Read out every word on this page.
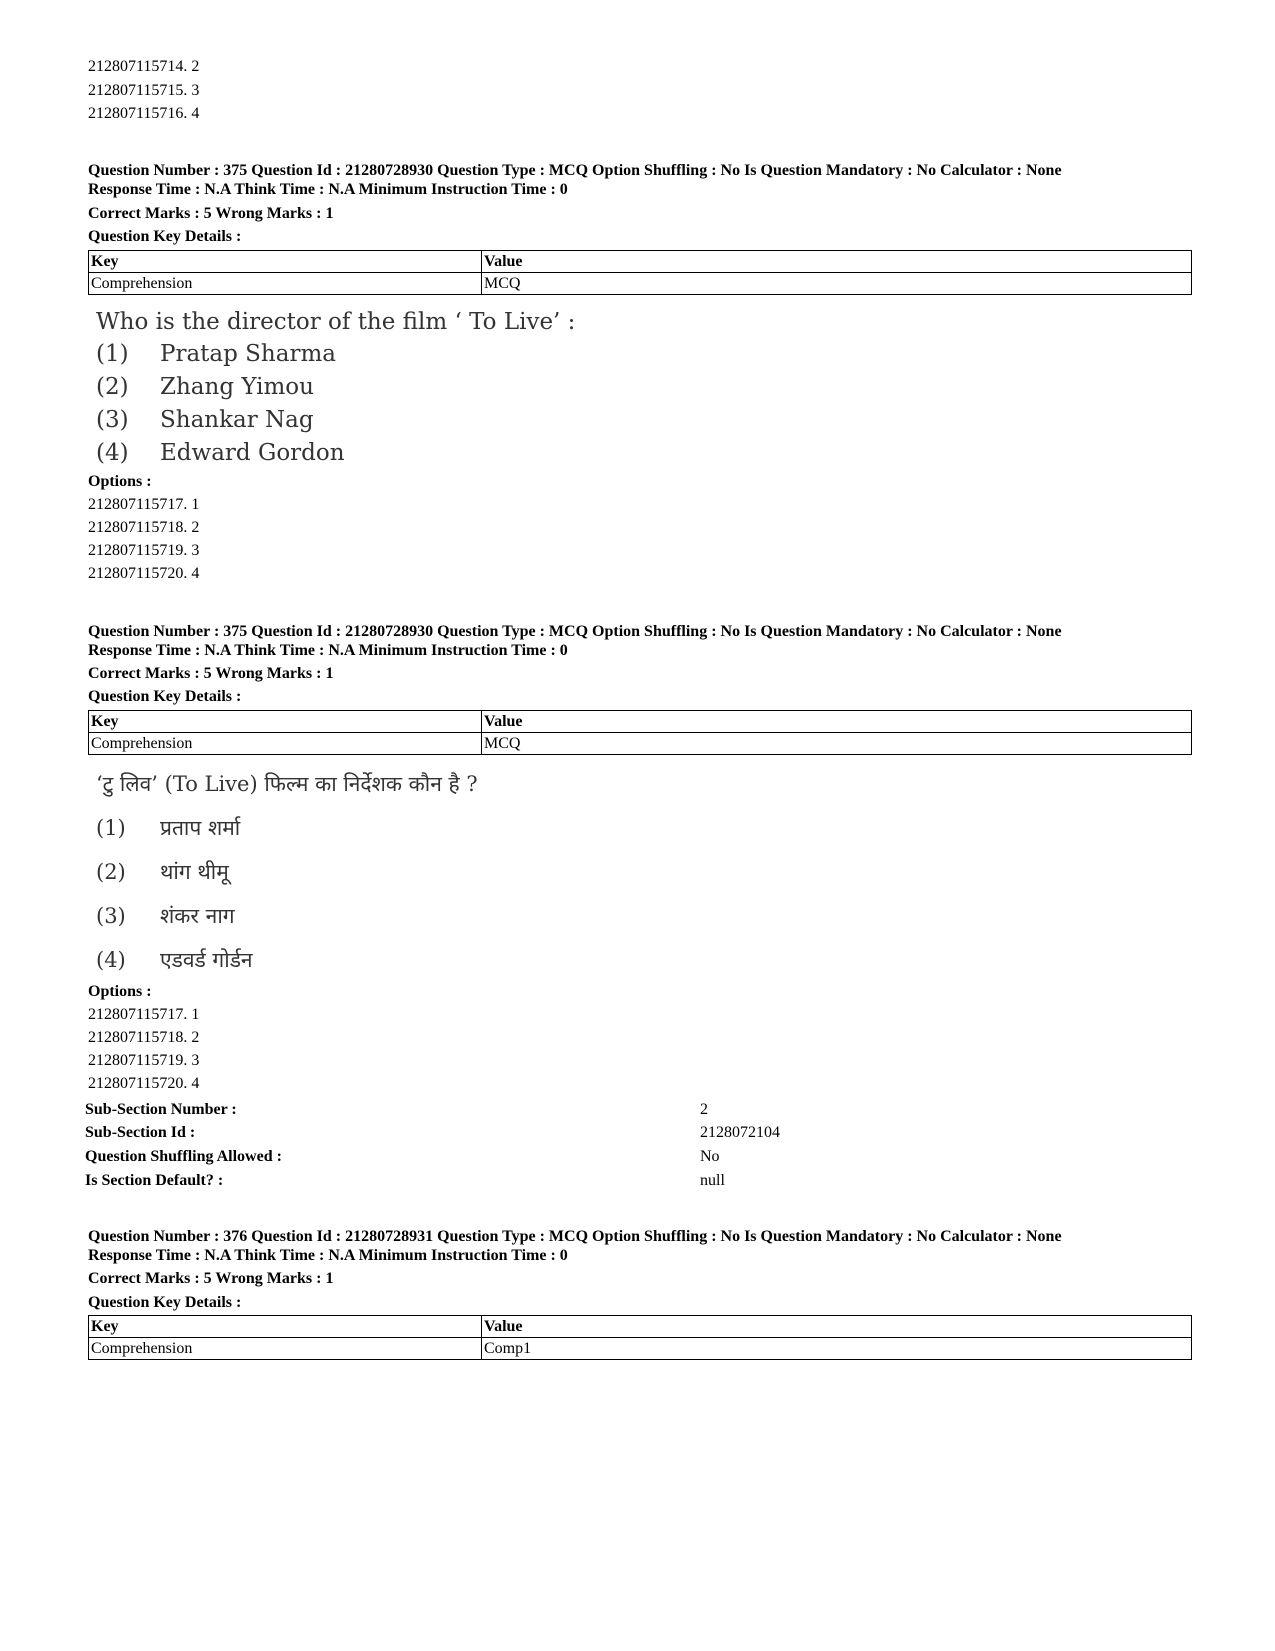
212807115714. 2
212807115715. 3
212807115716. 4
Question Number : 375 Question Id : 21280728930 Question Type : MCQ Option Shuffling : No Is Question Mandatory : No Calculator : None
Response Time : N.A Think Time : N.A Minimum Instruction Time : 0
Correct Marks : 5 Wrong Marks : 1
Question Key Details :
Key	Value
Comprehension	MCQ
Who is the director of the film ‘ To Live’ :
(1) Pratap Sharma
(2) Zhang Yimou
(3) Shankar Nag
(4) Edward Gordon
Options :
212807115717. 1
212807115718. 2
212807115719. 3
212807115720. 4
Question Number : 375 Question Id : 21280728930 Question Type : MCQ Option Shuffling : No Is Question Mandatory : No Calculator : None
Response Time : N.A Think Time : N.A Minimum Instruction Time : 0
Correct Marks : 5 Wrong Marks : 1
Question Key Details :
Key	Value
Comprehension	MCQ
‘टु लिव’ (To Live) फिल्म का निर्देशक कौन है ?
(1) प्रताप शर्मा
(2) थांग थीमू
(3) शंकर नाग
(4) एडवर्ड गोर्डन
Options :
212807115717. 1
212807115718. 2
212807115719. 3
212807115720. 4
Sub-Section Number :	2
Sub-Section Id :	2128072104
Question Shuffling Allowed :	No
Is Section Default? :	null
Question Number : 376 Question Id : 21280728931 Question Type : MCQ Option Shuffling : No Is Question Mandatory : No Calculator : None
Response Time : N.A Think Time : N.A Minimum Instruction Time : 0
Correct Marks : 5 Wrong Marks : 1
Question Key Details :
Key	Value
Comprehension	Comp1
